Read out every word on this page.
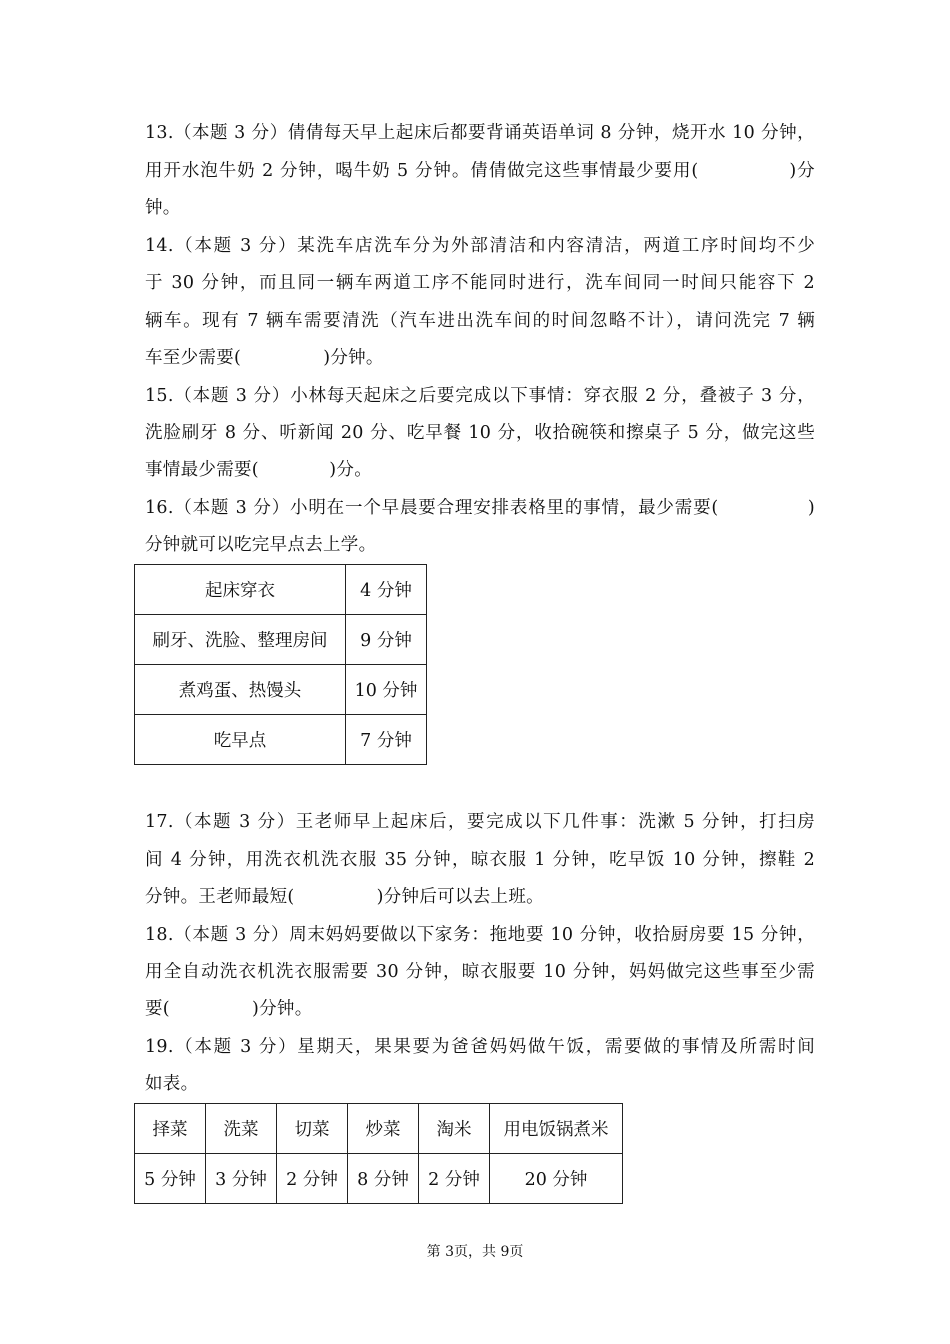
13.（本题 3 分）倩倩每天早上起床后都要背诵英语单词 8 分钟，烧开水 10 分钟，
用开水泡牛奶 2 分钟，喝牛奶 5 分钟。倩倩做完这些事情最少要用(              )分
钟。
14.（本题 3 分）某洗车店洗车分为外部清洁和内容清洁，两道工序时间均不少
于 30 分钟，而且同一辆车两道工序不能同时进行，洗车间同一时间只能容下 2
辆车。现有 7 辆车需要清洗（汽车进出洗车间的时间忽略不计），请问洗完 7 辆
车至少需要(              )分钟。
15.（本题 3 分）小林每天起床之后要完成以下事情：穿衣服 2 分，叠被子 3 分，
洗脸刷牙 8 分、听新闻 20 分、吃早餐 10 分，收拾碗筷和擦桌子 5 分，做完这些
事情最少需要(            )分。
16.（本题 3 分）小明在一个早晨要合理安排表格里的事情，最少需要(              )
分钟就可以吃完早点去上学。
起床穿衣	4 分钟
刷牙、洗脸、整理房间	9 分钟
煮鸡蛋、热馒头	10 分钟
吃早点	7 分钟
17.（本题 3 分）王老师早上起床后，要完成以下几件事：洗漱 5 分钟，打扫房
间 4 分钟，用洗衣机洗衣服 35 分钟，晾衣服 1 分钟，吃早饭 10 分钟，擦鞋 2
分钟。王老师最短(              )分钟后可以去上班。
18.（本题 3 分）周末妈妈要做以下家务：拖地要 10 分钟，收拾厨房要 15 分钟，
用全自动洗衣机洗衣服需要 30 分钟，晾衣服要 10 分钟，妈妈做完这些事至少需
要(              )分钟。
19.（本题 3 分）星期天，果果要为爸爸妈妈做午饭，需要做的事情及所需时间
如表。
择菜	洗菜	切菜	炒菜	淘米	用电饭锅煮米
5 分钟	3 分钟	2 分钟	8 分钟	2 分钟	20 分钟
第 3页，共 9页
